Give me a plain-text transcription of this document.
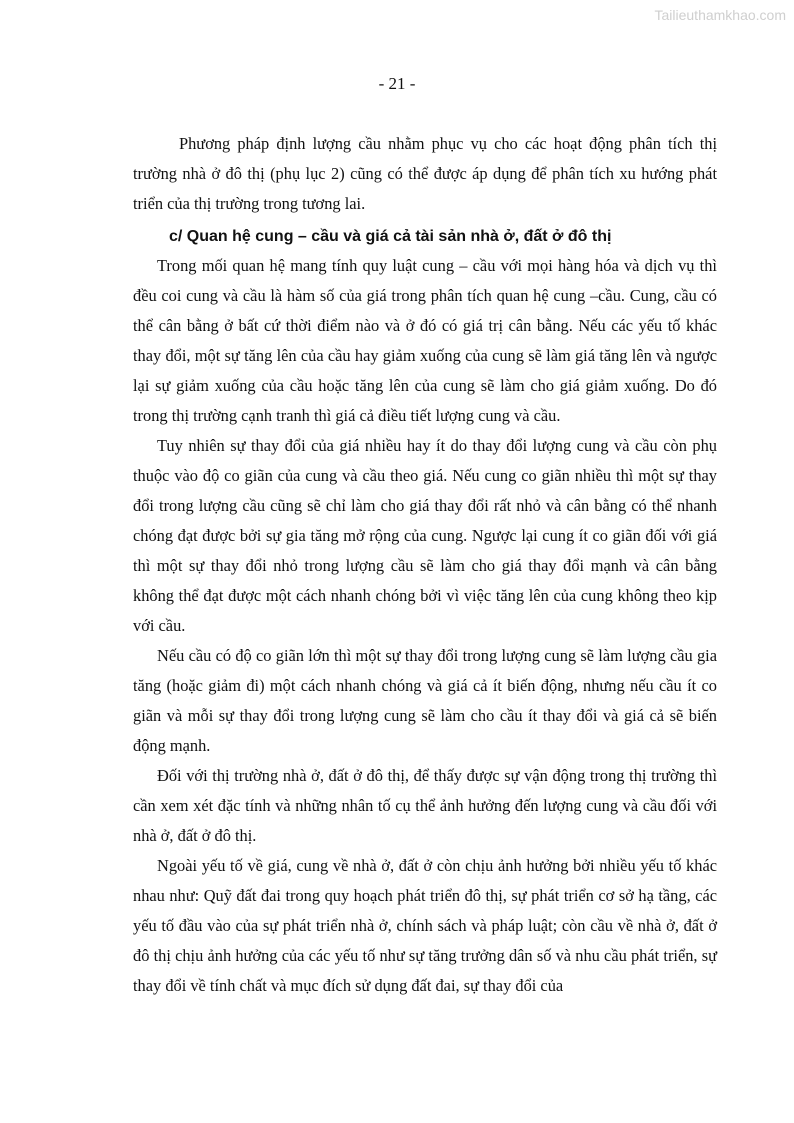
Tailieuthamkhao.com
- 21 -

Phương pháp định lượng cầu nhằm phục vụ cho các hoạt động phân tích thị trường nhà ở đô thị (phụ lục 2) cũng có thể được áp dụng để phân tích xu hướng phát triển của thị trường trong tương lai.

c/ Quan hệ cung – cầu và giá cả tài sản nhà ở, đất ở đô thị

Trong mối quan hệ mang tính quy luật cung – cầu với mọi hàng hóa và dịch vụ thì đều coi cung và cầu là hàm số của giá trong phân tích quan hệ cung –cầu. Cung, cầu có thể cân bằng ở bất cứ thời điểm nào và ở đó có giá trị cân bằng. Nếu các yếu tố khác thay đổi, một sự tăng lên của cầu hay giảm xuống của cung sẽ làm giá tăng lên và ngược lại sự giảm xuống của cầu hoặc tăng lên của cung sẽ làm cho giá giảm xuống. Do đó trong thị trường cạnh tranh thì giá cả điều tiết lượng cung và cầu.

Tuy nhiên sự thay đổi của giá nhiều hay ít do thay đổi lượng cung và cầu còn phụ thuộc vào độ co giãn của cung và cầu theo giá. Nếu cung co giãn nhiều thì một sự thay đổi trong lượng cầu cũng sẽ chỉ làm cho giá thay đổi rất nhỏ và cân bằng có thể nhanh chóng đạt được bởi sự gia tăng mở rộng của cung. Ngược lại cung ít co giãn đối với giá thì một sự thay đổi nhỏ trong lượng cầu sẽ làm cho giá thay đổi mạnh và cân bằng không thể đạt được một cách nhanh chóng bởi vì việc tăng lên của cung không theo kịp với cầu.

Nếu cầu có độ co giãn lớn thì một sự thay đổi trong lượng cung sẽ làm lượng cầu gia tăng (hoặc giảm đi) một cách nhanh chóng và giá cả ít biến động, nhưng nếu cầu ít co giãn và mỗi sự thay đổi trong lượng cung sẽ làm cho cầu ít thay đổi và giá cả sẽ biến động mạnh.

Đối với thị trường nhà ở, đất ở đô thị, để thấy được sự vận động trong thị trường thì cần xem xét đặc tính và những nhân tố cụ thể ảnh hưởng đến lượng cung và cầu đối với nhà ở, đất ở đô thị.

Ngoài yếu tố về giá, cung về nhà ở, đất ở còn chịu ảnh hưởng bởi nhiều yếu tố khác nhau như: Quỹ đất đai trong quy hoạch phát triển đô thị, sự phát triển cơ sở hạ tầng, các yếu tố đầu vào của sự phát triển nhà ở, chính sách và pháp luật; còn cầu về nhà ở, đất ở đô thị chịu ảnh hưởng của các yếu tố như sự tăng trưởng dân số và nhu cầu phát triển, sự thay đổi về tính chất và mục đích sử dụng đất đai, sự thay đổi của
